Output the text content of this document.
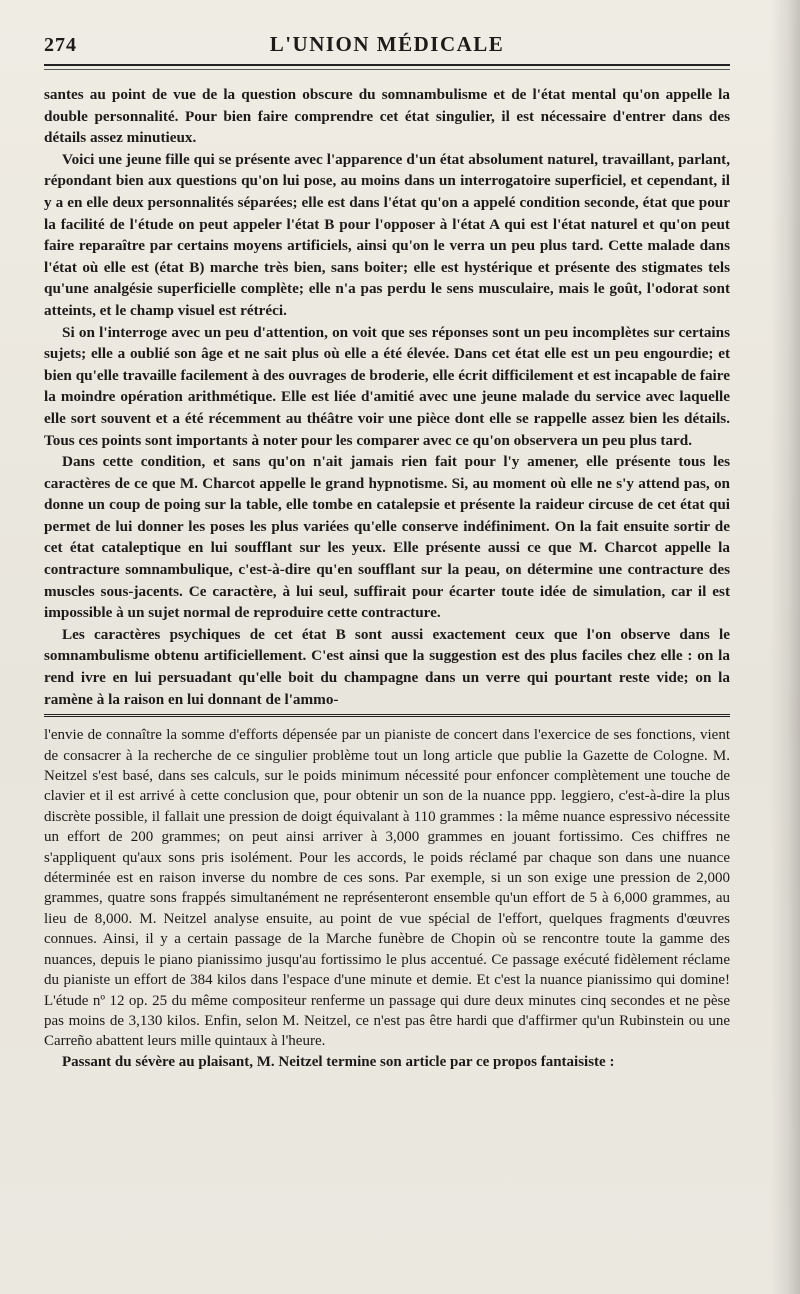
274	L'UNION MÉDICALE

santes au point de vue de la question obscure du somnambulisme et de l'état mental qu'on appelle la double personnalité. Pour bien faire comprendre cet état singulier, il est nécessaire d'entrer dans des détails assez minutieux.

Voici une jeune fille qui se présente avec l'apparence d'un état absolument naturel, travaillant, parlant, répondant bien aux questions qu'on lui pose, au moins dans un interrogatoire superficiel, et cependant, il y a en elle deux personnalités séparées; elle est dans l'état qu'on a appelé condition seconde, état que pour la facilité de l'étude on peut appeler l'état B pour l'opposer à l'état A qui est l'état naturel et qu'on peut faire reparaître par certains moyens artificiels, ainsi qu'on le verra un peu plus tard. Cette malade dans l'état où elle est (état B) marche très bien, sans boiter; elle est hystérique et présente des stigmates tels qu'une analgésie superficielle complète; elle n'a pas perdu le sens musculaire, mais le goût, l'odorat sont atteints, et le champ visuel est rétréci.

Si on l'interroge avec un peu d'attention, on voit que ses réponses sont un peu incomplètes sur certains sujets; elle a oublié son âge et ne sait plus où elle a été élevée. Dans cet état elle est un peu engourdie; et bien qu'elle travaille facilement à des ouvrages de broderie, elle écrit difficilement et est incapable de faire la moindre opération arithmétique. Elle est liée d'amitié avec une jeune malade du service avec laquelle elle sort souvent et a été récemment au théâtre voir une pièce dont elle se rappelle assez bien les détails. Tous ces points sont importants à noter pour les comparer avec ce qu'on observera un peu plus tard.

Dans cette condition, et sans qu'on n'ait jamais rien fait pour l'y amener, elle présente tous les caractères de ce que M. Charcot appelle le grand hypnotisme. Si, au moment où elle ne s'y attend pas, on donne un coup de poing sur la table, elle tombe en catalepsie et présente la raideur circuse de cet état qui permet de lui donner les poses les plus variées qu'elle conserve indéfiniment. On la fait ensuite sortir de cet état cataleptique en lui soufflant sur les yeux. Elle présente aussi ce que M. Charcot appelle la contracture somnambulique, c'est-à-dire qu'en soufflant sur la peau, on détermine une contracture des muscles sous-jacents. Ce caractère, à lui seul, suffirait pour écarter toute idée de simulation, car il est impossible à un sujet normal de reproduire cette contracture.

Les caractères psychiques de cet état B sont aussi exactement ceux que l'on observe dans le somnambulisme obtenu artificiellement. C'est ainsi que la suggestion est des plus faciles chez elle : on la rend ivre en lui persuadant qu'elle boit du champagne dans un verre qui pourtant reste vide; on la ramène à la raison en lui donnant de l'ammo-

l'envie de connaître la somme d'efforts dépensée par un pianiste de concert dans l'exercice de ses fonctions, vient de consacrer à la recherche de ce singulier problème tout un long article que publie la Gazette de Cologne. M. Neitzel s'est basé, dans ses calculs, sur le poids minimum nécessité pour enfoncer complètement une touche de clavier et il est arrivé à cette conclusion que, pour obtenir un son de la nuance ppp. leggiero, c'est-à-dire la plus discrète possible, il fallait une pression de doigt équivalant à 110 grammes : la même nuance espressivo nécessite un effort de 200 grammes; on peut ainsi arriver à 3,000 grammes en jouant fortissimo. Ces chiffres ne s'appliquent qu'aux sons pris isolément. Pour les accords, le poids réclamé par chaque son dans une nuance déterminée est en raison inverse du nombre de ces sons. Par exemple, si un son exige une pression de 2,000 grammes, quatre sons frappés simultanément ne représenteront ensemble qu'un effort de 5 à 6,000 grammes, au lieu de 8,000. M. Neitzel analyse ensuite, au point de vue spécial de l'effort, quelques fragments d'œuvres connues. Ainsi, il y a certain passage de la Marche funèbre de Chopin où se rencontre toute la gamme des nuances, depuis le piano pianissimo jusqu'au fortissimo le plus accentué. Ce passage exécuté fidèlement réclame du pianiste un effort de 384 kilos dans l'espace d'une minute et demie. Et c'est la nuance pianissimo qui domine! L'étude nº 12 op. 25 du même compositeur renferme un passage qui dure deux minutes cinq secondes et ne pèse pas moins de 3,130 kilos. Enfin, selon M. Neitzel, ce n'est pas être hardi que d'affirmer qu'un Rubinstein ou une Carreño abattent leurs mille quintaux à l'heure.

Passant du sévère au plaisant, M. Neitzel termine son article par ce propos fantaisiste :
